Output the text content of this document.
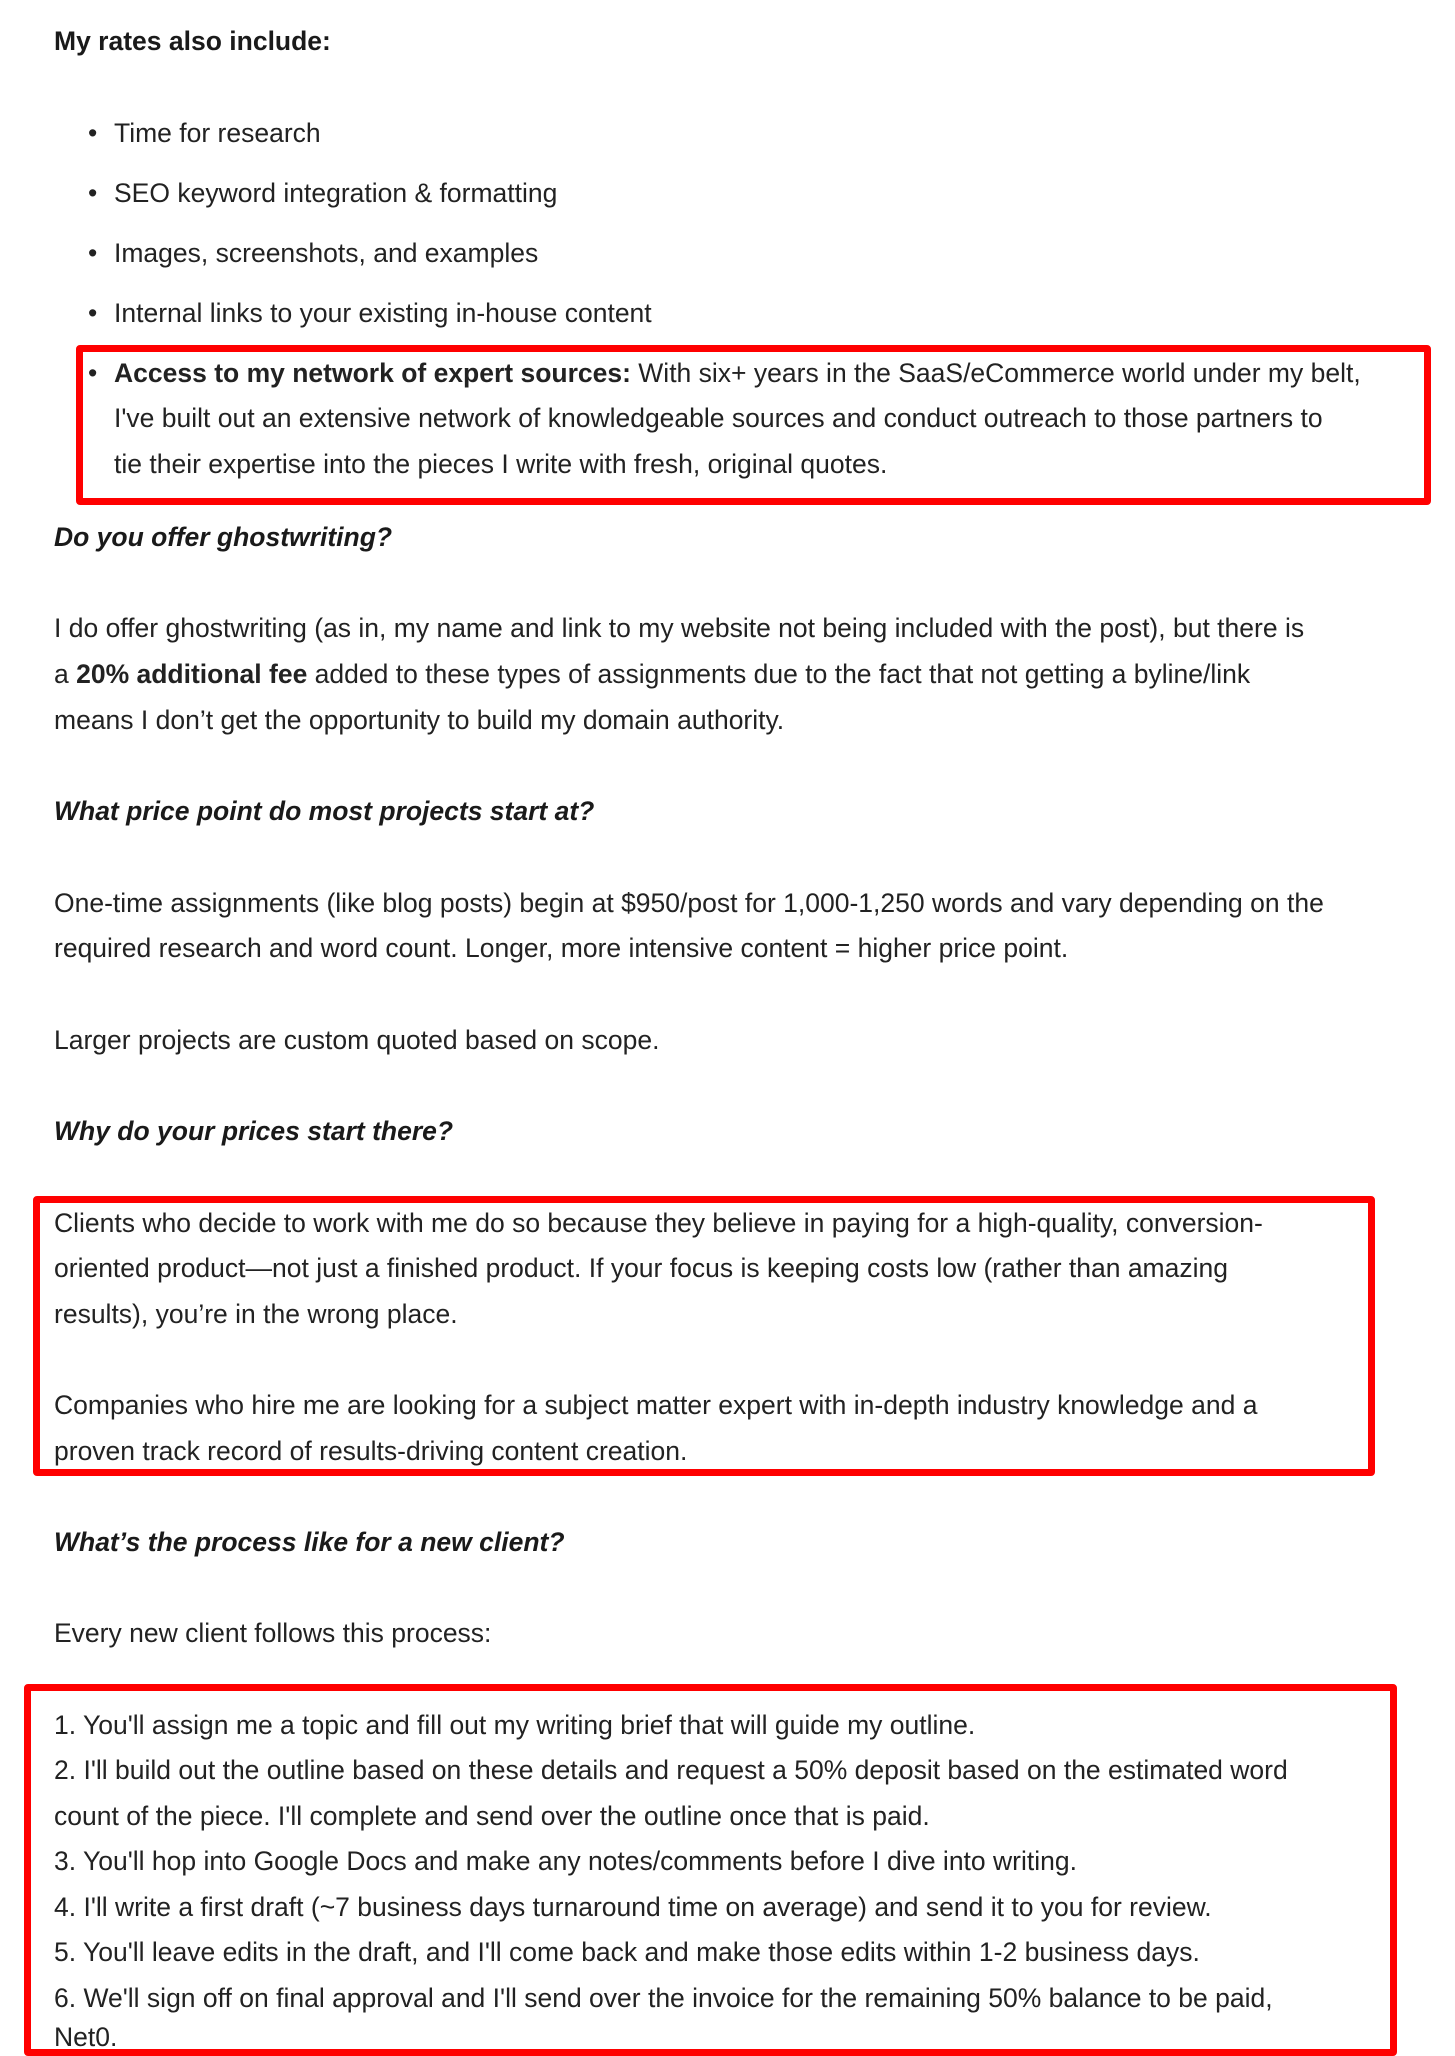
My rates also include:

• Time for research

• SEO keyword integration & formatting

• Images, screenshots, and examples

• Internal links to your existing in-house content

• Access to my network of expert sources: With six+ years in the SaaS/eCommerce world under my belt,

I've built out an extensive network of knowledgeable sources and conduct outreach to those partners to

tie their expertise into the pieces I write with fresh, original quotes.

Do you offer ghostwriting?

I do offer ghostwriting (as in, my name and link to my website not being included with the post), but there is

a 20% additional fee added to these types of assignments due to the fact that not getting a byline/link

means I don’t get the opportunity to build my domain authority.

What price point do most projects start at?

One-time assignments (like blog posts) begin at $950/post for 1,000-1,250 words and vary depending on the

required research and word count. Longer, more intensive content = higher price point.

Larger projects are custom quoted based on scope.

Why do your prices start there?

Clients who decide to work with me do so because they believe in paying for a high-quality, conversion-

oriented product—not just a finished product. If your focus is keeping costs low (rather than amazing

results), you’re in the wrong place.

Companies who hire me are looking for a subject matter expert with in-depth industry knowledge and a

proven track record of results-driving content creation.

What’s the process like for a new client?

Every new client follows this process:

1. You'll assign me a topic and fill out my writing brief that will guide my outline.

2. I'll build out the outline based on these details and request a 50% deposit based on the estimated word

count of the piece. I'll complete and send over the outline once that is paid.

3. You'll hop into Google Docs and make any notes/comments before I dive into writing.

4. I'll write a first draft (~7 business days turnaround time on average) and send it to you for review.

5. You'll leave edits in the draft, and I'll come back and make those edits within 1-2 business days.

6. We'll sign off on final approval and I'll send over the invoice for the remaining 50% balance to be paid,

Net0.
